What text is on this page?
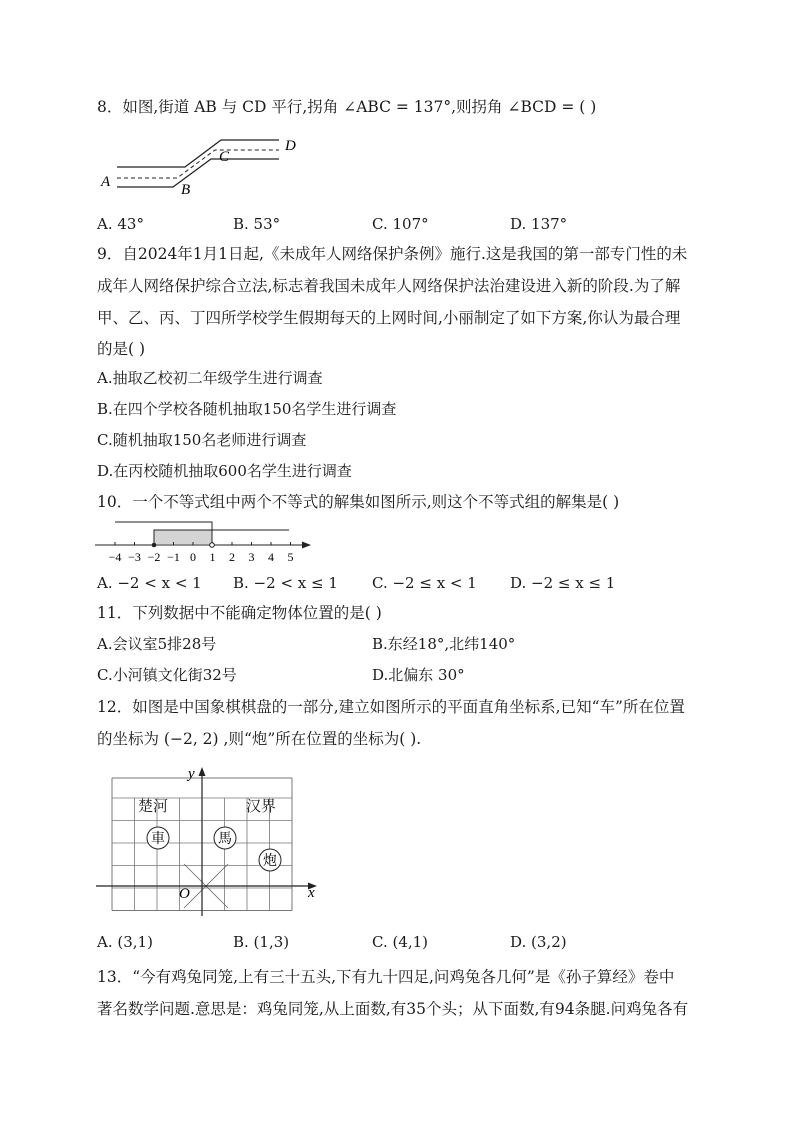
8．如图,街道 AB 与 CD 平行,拐角 ∠ABC = 137°,则拐角 ∠BCD = ( )
A	B
C
D
A. 43°	B. 53°	C. 107°	D. 137°
9．自2024年1月1日起,《未成年人网络保护条例》施行.这是我国的第一部专门性的未
成年人网络保护综合立法,标志着我国未成年人网络保护法治建设进入新的阶段.为了解
甲、乙、丙、丁四所学校学生假期每天的上网时间,小丽制定了如下方案,你认为最合理
的是( )
A.抽取乙校初二年级学生进行调查
B.在四个学校各随机抽取150名学生进行调查
C.随机抽取150名老师进行调查
D.在丙校随机抽取600名学生进行调查
10．一个不等式组中两个不等式的解集如图所示,则这个不等式组的解集是( )
−4 −3 −2 −1 0 1 2 3 4 5
A. −2 < x < 1 B. −2 < x ≤ 1 C. −2 ≤ x < 1 D. −2 ≤ x ≤ 1
11．下列数据中不能确定物体位置的是( )
A.会议室5排28号	B.东经18°,北纬140°
C.小河镇文化街32号	D.北偏东 30°
12．如图是中国象棋棋盘的一部分,建立如图所示的平面直角坐标系,已知“车”所在位置
的坐标为 (−2, 2) ,则“炮”所在位置的坐标为( ).
楚河	汉界
y
x
O
車	馬
炮
A. (3,1)	B. (1,3)	C. (4,1)	D. (3,2)
13．“今有鸡兔同笼,上有三十五头,下有九十四足,问鸡兔各几何”是《孙子算经》卷中
著名数学问题.意思是：鸡兔同笼,从上面数,有35个头；从下面数,有94条腿.问鸡兔各有
